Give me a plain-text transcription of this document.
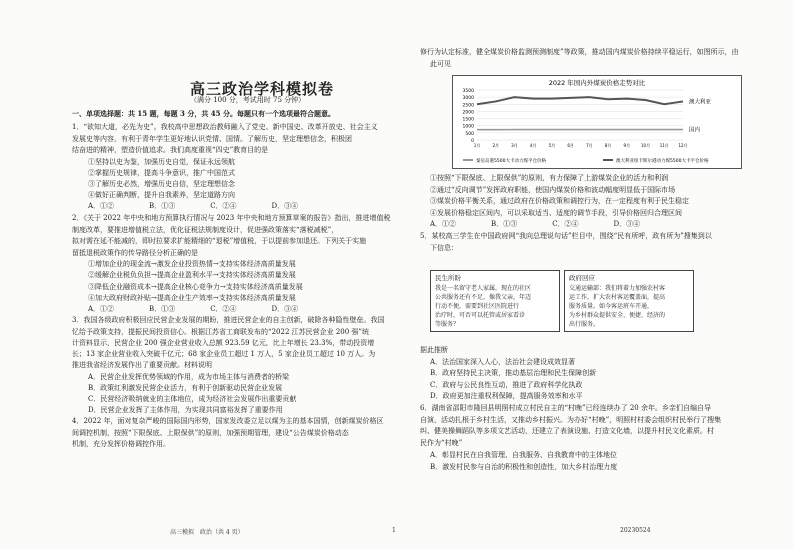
高三政治学科模拟卷
（满分 100 分，考试用时 75 分钟）
一、单项选择题：共 15 题，每题 3 分，共 45 分。每题只有一个选项最符合题意。
1．“欲知大道，必先为史”。我校高中思想政治教师融入了党史、新中国史、改革开放史、社会主义
发展史等内容，有利于青年学生更好地认识党情、国情。了解历史，坚定理想信念，积极团
结奋进的精神，塑造价值追求。我们高度重视“四史”教育目的是
①坚持以史为鉴，加强历史自觉，保证永远领航
②掌握历史规律，提高斗争意识，推广中国范式
③了解历史必然，增强历史自信，坚定理想信念
④做好正确判断，提升自我素养，坚定道路方向
A．①②　　　　　B．①③　　　　　C．②④　　　　　D．③④
2．《关于 2022 年中央和地方预算执行情况与 2023 年中央和地方预算草案的报告》指出，推进增值税
制度改革，要推进增值税立法，优化征税法规制度设计，促进强政策落实“落税减税”，
拟对需在延不能减的，即时拉要求扩能精细的“退税”增值税，于以提前参加退还。下列关于实施
留抵退税政策作的传导路径分析正确的是
①增加企业的现金流→激发企业投资热情→支持实体经济高质量发展
②缓解企业税负负担→提高企业盈利水平→支持实体经济高质量发展
③降低企业融资成本→提高企业核心竞争力→支持实体经济高质量发展
④加大政府财政补贴→提高企业生产效率→支持实体经济高质量发展
A．①②　　　　　B．①③　　　　　C．②④　　　　　D．③④
3．我国各级政府积极回应民营企业发展的期盼，推进民营企业的自主创新，破除各种隐性壁垒。我国
忆给予政策支持，提振民间投资信心。根据江苏省工商联发布的“2022 江苏民营企业 200 强”统
计资料显示，民营企业 200 强企业营业收入总额 923.59 亿元，比上年增长 23.3%，带动投资增
长；13 家企业营业收入突破千亿元；68 家企业员工超过 1 万人，5 家企业员工超过 10 万人。为
推进我省经济发展作出了重要贡献。材料说明
A．民营企业发挥优势领域的作用，成为市场主体与消费者的桥梁
B．政策红利激发民营企业活力，有利于创新驱动民营企业发展
C．民营经济吸纳就业的主体地位，成为经济社会发展作出重要贡献
D．民营企业发挥了主体作用，为实现共同富裕发挥了重要作用
4．2022 年，面对复杂严峻的国际国内形势，国家发改委立足以煤为主的基本国情，创新煤炭价格区
间调控机制，按照“下限保底、上限保供”的原则，加强预期管理，建设“公告煤炭价格动态
机制，充分发挥价格调控作用。
修行为认定标准，健全煤炭价格监测预测制度”等政策，推动国内煤炭价格持续平稳运行，如图所示，由
此可见
①按照“下限保底、上限保供”的原则，有力保障了上游煤炭企业的活力和利润
②通过“反向调节”发挥政府职能，使国内煤炭价格和波动幅度明显低于国际市场
③煤炭价格平衡关系，通过政府在价格政策和调控行为，在一定程度有利于民生稳定
④发展价格稳定区间内，可以采取适当、适度的调节手段，引导价格回归合理区间
A．①②　　　　　B．①③　　　　　C．②④　　　　　D．③④
5．某校高三学生在中国政府网“我向总理说句话”栏目中，围绕“民有所呼，政有所为”搜集到以
下信息：
据此推断
A．法治国家深入人心，法治社会建设成效显著
B．政府坚持民主决策，推动基层治理和民生保障创新
C．政府与公民良性互动，推进了政府科学化执政
D．政府更加注重权利保障，提高服务效率和水平
6．湖南省邵阳市隆回县明照村成立村民自主的“村晚”已经连续办了 20 余年。乡亲们自编自导
自演，活动扎根于乡村生活，又推动乡村振兴。为办好“村晚”，明照村村委会组织村民举行了搜集
纠、健美操舞蹈队等多项文艺活动，还建立了表演设施、打造文化墙，以提升村民文化素质。村
民作为“村晚”
A．彰显村民在自我管理、自我服务、自我教育中的主体地位
B．激发村民参与自治的积极性和创造性，加大乡村治理力度
2022 年国内外煤炭价格走势对比
3500
3000
2500
2000
1500
1000
500
0
1月	2月	3月	4月	5月	6月	7月	8月	9月	10月 11月 12月
澳大利亚
国内
秦皇岛港5500大卡动力煤平仓价格	澳大利亚纽卡斯尔港动力煤5500大卡平仓价格
民生所盼
我是一名留守老人家属，现在的社区
公共服务还有不足，像我父亲，年迈
行动不便，需要到社区医院进行
治疗时，可否可以托管或居家看诊
等服务？
政府回应
交通运输部：我们将着力加强农村客
运工作，扩大农村客运覆盖面，提高
服务质量。如今客运班车开通，
为乡村群众提供安全、便捷、经济的
出行服务。
高三模拟　政治（共 4 页）	1	20230524
